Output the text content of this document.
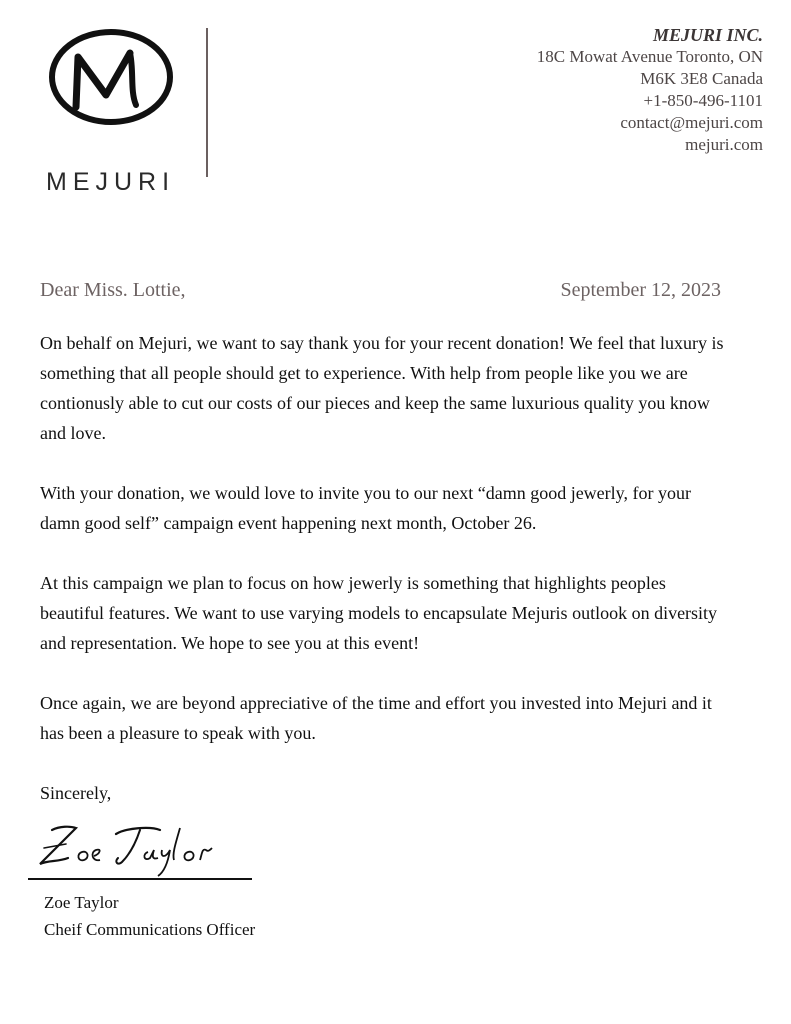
MEJURI
MEJURI INC.
18C Mowat Avenue Toronto, ON
M6K 3E8 Canada
+1-850-496-1101
contact@mejuri.com
mejuri.com
Dear Miss. Lottie,	September 12, 2023

On behalf on Mejuri, we want to say thank you for your recent donation! We feel that luxury is something that all people should get to experience. With help from people like you we are contionusly able to cut our costs of our pieces and keep the same luxurious quality you know and love.

With your donation, we would love to invite you to our next “damn good jewerly, for your damn good self” campaign event happening next month, October 26.

At this campaign we plan to focus on how jewerly is something that highlights peoples beautiful features. We want to use varying models to encapsulate Mejuris outlook on diversity and representation. We hope to see you at this event!

Once again, we are beyond appreciative of the time and effort you invested into Mejuri and it has been a pleasure to speak with you.

Sincerely,

Zoe Taylor
Cheif Communications Officer
